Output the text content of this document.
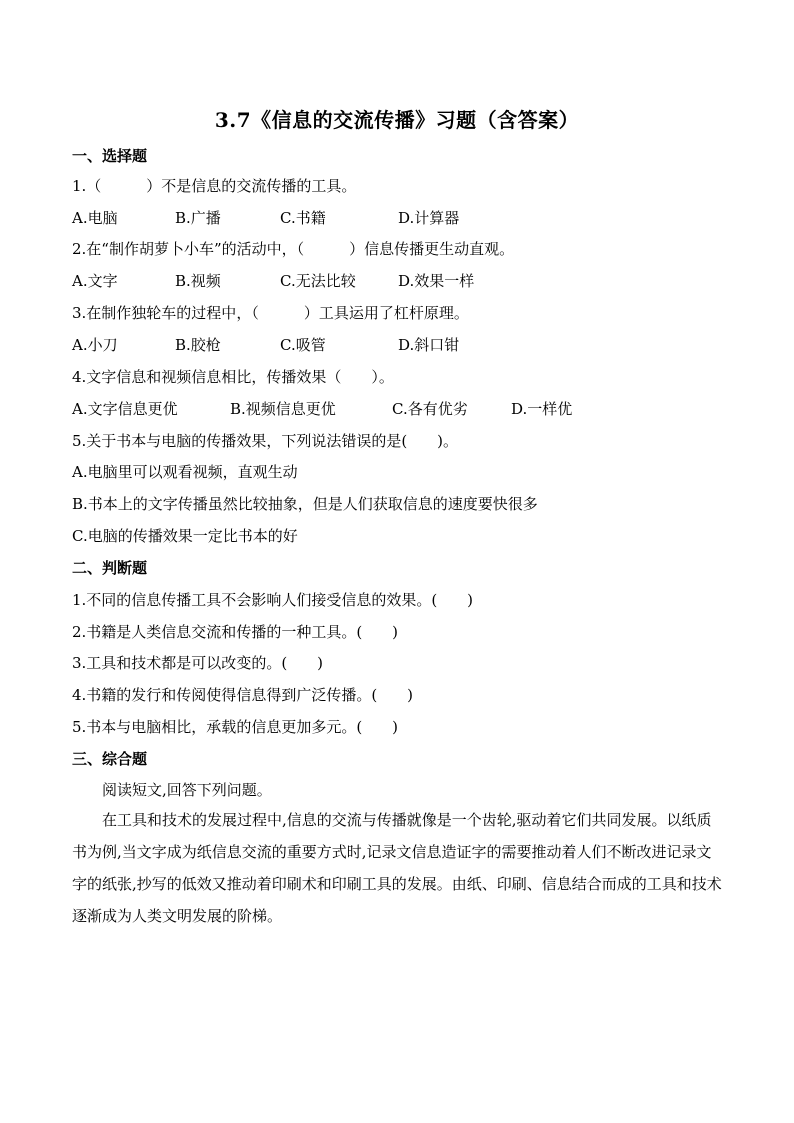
3.7《信息的交流传播》习题（含答案）
一、选择题
1.（　　　）不是信息的交流传播的工具。
A.电脑	B.广播	C.书籍	D.计算器
2.在“制作胡萝卜小车”的活动中，（　　　）信息传播更生动直观。
A.文字	B.视频	C.无法比较	D.效果一样
3.在制作独轮车的过程中，（　　　）工具运用了杠杆原理。
A.小刀	B.胶枪	C.吸管	D.斜口钳
4.文字信息和视频信息相比，传播效果（　　）。
A.文字信息更优	B.视频信息更优	C.各有优劣	D.一样优
5.关于书本与电脑的传播效果，下列说法错误的是(　　)。
A.电脑里可以观看视频，直观生动
B.书本上的文字传播虽然比较抽象，但是人们获取信息的速度要快很多
C.电脑的传播效果一定比书本的好
二、判断题
1.不同的信息传播工具不会影响人们接受信息的效果。(　　)
2.书籍是人类信息交流和传播的一种工具。(　　)
3.工具和技术都是可以改变的。(　　)
4.书籍的发行和传阅使得信息得到广泛传播。(　　)
5.书本与电脑相比，承载的信息更加多元。(　　)
三、综合题
阅读短文,回答下列问题。
在工具和技术的发展过程中,信息的交流与传播就像是一个齿轮,驱动着它们共同发展。以纸质书为例,当文字成为纸信息交流的重要方式时,记录文信息造证字的需要推动着人们不断改进记录文字的纸张,抄写的低效又推动着印刷术和印刷工具的发展。由纸、印刷、信息结合而成的工具和技术逐渐成为人类文明发展的阶梯。
